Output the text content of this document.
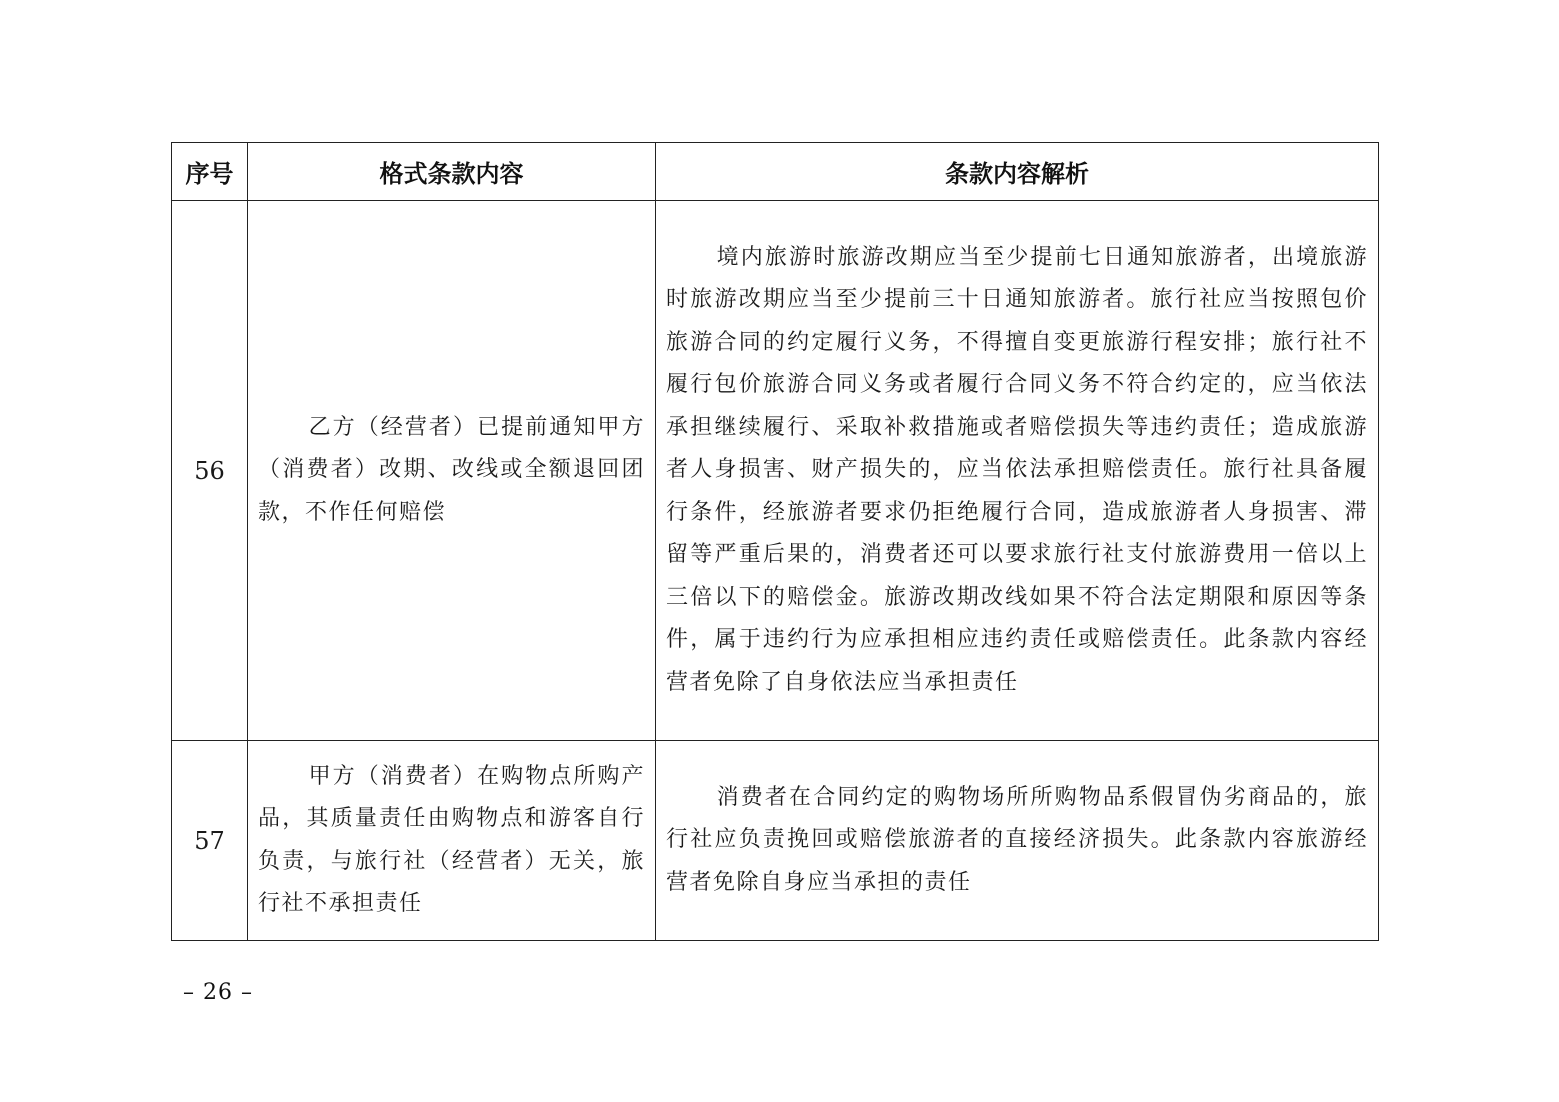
序号	格式条款内容	条款内容解析
56	乙方（经营者）已提前通知甲方（消费者）改期、改线或全额退回团款，不作任何赔偿	境内旅游时旅游改期应当至少提前七日通知旅游者，出境旅游时旅游改期应当至少提前三十日通知旅游者。旅行社应当按照包价旅游合同的约定履行义务，不得擅自变更旅游行程安排；旅行社不履行包价旅游合同义务或者履行合同义务不符合约定的，应当依法承担继续履行、采取补救措施或者赔偿损失等违约责任；造成旅游者人身损害、财产损失的，应当依法承担赔偿责任。旅行社具备履行条件，经旅游者要求仍拒绝履行合同，造成旅游者人身损害、滞留等严重后果的，消费者还可以要求旅行社支付旅游费用一倍以上三倍以下的赔偿金。旅游改期改线如果不符合法定期限和原因等条件，属于违约行为应承担相应违约责任或赔偿责任。此条款内容经营者免除了自身依法应当承担责任

57	甲方（消费者）在购物点所购产品，其质量责任由购物点和游客自行负责，与旅行社（经营者）无关，旅行社不承担责任	消费者在合同约定的购物场所所购物品系假冒伪劣商品的，旅行社应负责挽回或赔偿旅游者的直接经济损失。此条款内容旅游经营者免除自身应当承担的责任

– 26 –
